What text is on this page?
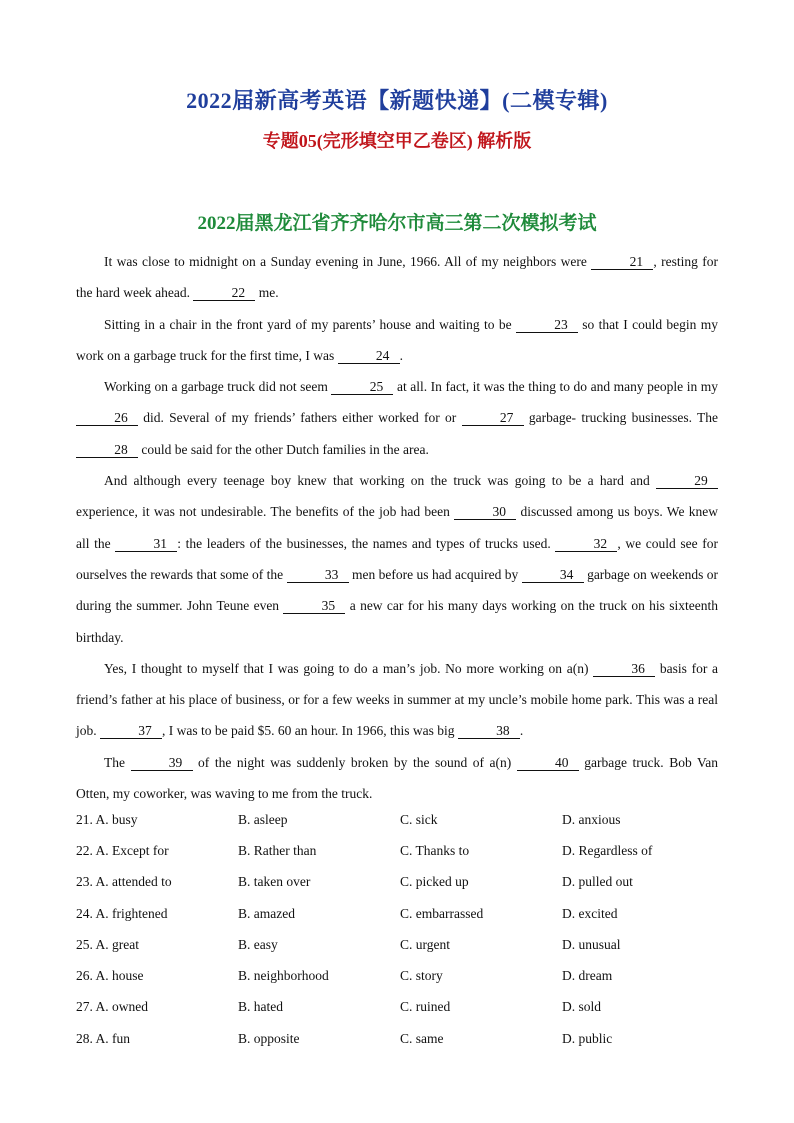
2022届新高考英语【新题快递】(二模专辑)
专题05(完形填空甲乙卷区) 解析版
2022届黑龙江省齐齐哈尔市高三第二次模拟考试

It was close to midnight on a Sunday evening in June, 1966. All of my neighbors were	21 , resting for the hard week ahead.	22 me.

Sitting in a chair in the front yard of my parents’ house and waiting to be	23 so that I could begin my work on a garbage truck for the first time, I was	24 .

Working on a garbage truck did not seem	25 at all. In fact, it was the thing to do and many people in my 26 did. Several of my friends’ fathers either worked for or	27 garbage- trucking businesses. The 28 could be said for the other Dutch families in the area.

And although every teenage boy knew that working on the truck was going to be a hard and	29 experience, it was not undesirable. The benefits of the job had been	30 discussed among us boys. We knew all the	31 : the leaders of the businesses, the names and types of trucks used.	32 , we could see for ourselves the rewards that some of the	33 men before us had acquired by	34 garbage on weekends or during the summer. John Teune even	35 a new car for his many days working on the truck on his sixteenth birthday.

Yes, I thought to myself that I was going to do a man’s job. No more working on a(n)	36 basis for a friend’s father at his place of business, or for a few weeks in summer at my uncle’s mobile home park. This was a real job.	37 , I was to be paid $5. 60 an hour. In 1966, this was big	38 .

The	39 of the night was suddenly broken by the sound of a(n)	40 garbage truck. Bob Van Otten, my coworker, was waving to me from the truck.

21. A. busy	B. asleep	C. sick	D. anxious
22. A. Except for	B. Rather than	C. Thanks to	D. Regardless of
23. A. attended to	B. taken over	C. picked up	D. pulled out
24. A. frightened	B. amazed	C. embarrassed	D. excited
25. A. great	B. easy	C. urgent	D. unusual
26. A. house	B. neighborhood	C. story	D. dream
27. A. owned	B. hated	C. ruined	D. sold
28. A. fun	B. opposite	C. same	D. public
